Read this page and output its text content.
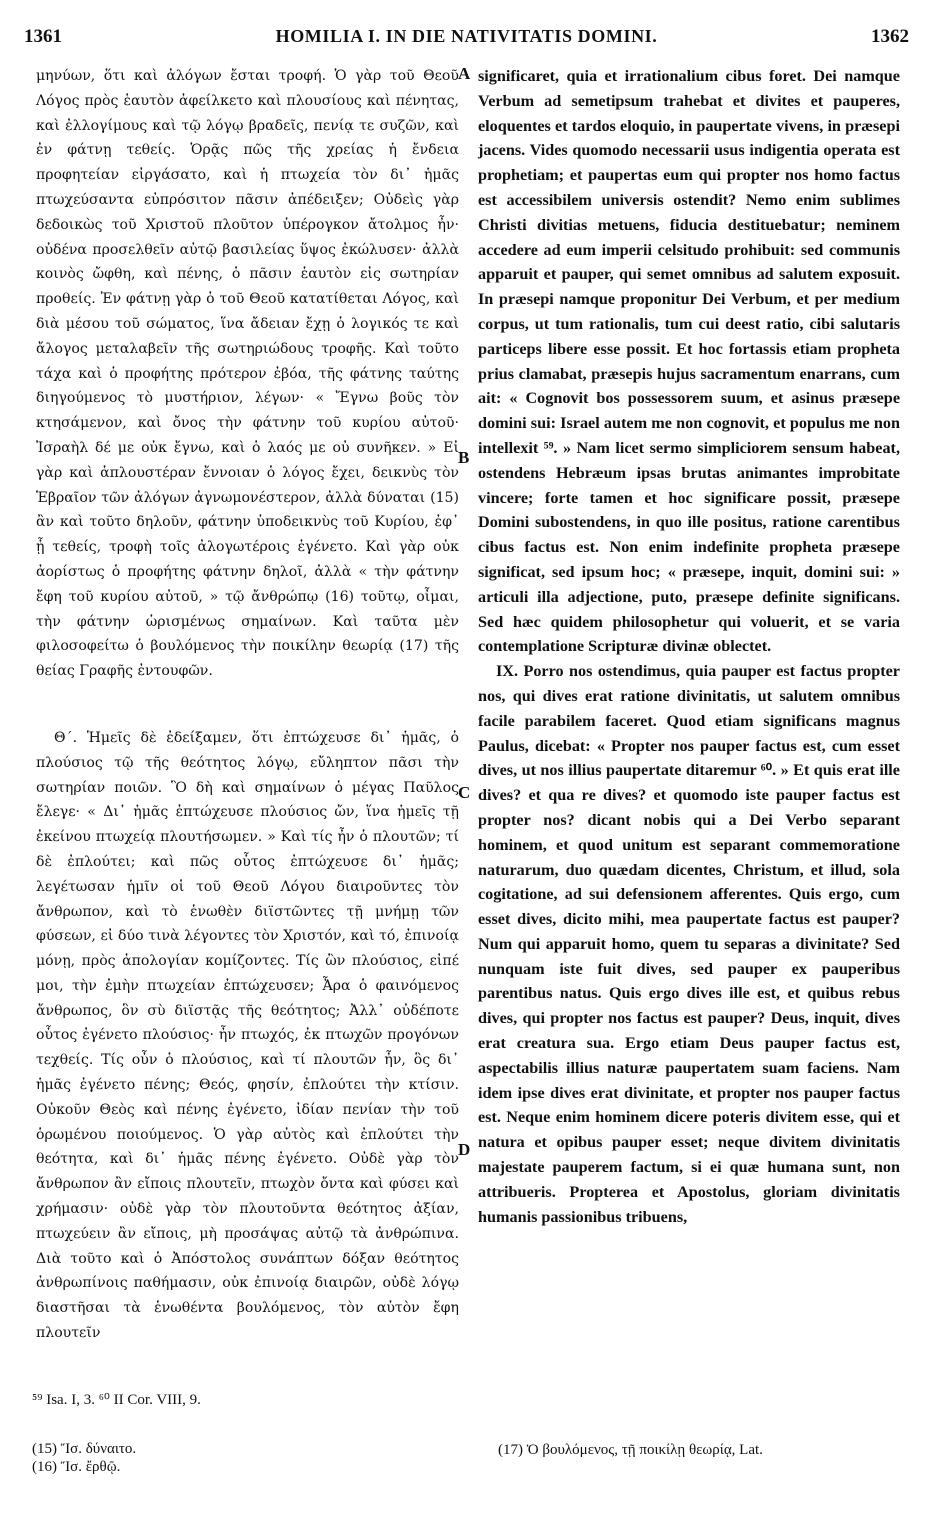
1361	HOMILIA I. IN DIE NATIVITATIS DOMINI.	1362

μηνύων, ὅτι καὶ ἀλόγων ἔσται τροφή. Ὁ γὰρ τοῦ Θεοῦ Λόγος πρὸς ἑαυτὸν ἀφείλκετο καὶ πλουσίους καὶ πένητας, καὶ ἐλλογίμους καὶ τῷ λόγῳ βραδεῖς, πενίᾳ τε συζῶν, καὶ ἐν φάτνῃ τεθείς. Ὁρᾷς πῶς τῆς χρείας ἡ ἔνδεια προφητείαν εἰργάσατο, καὶ ἡ πτωχεία τὸν δι᾽ ἡμᾶς πτωχεύσαντα εὐπρόσιτον πᾶσιν ἀπέδειξεν; Οὐδεὶς γὰρ δεδοικὼς τοῦ Χριστοῦ πλοῦτον ὑπέρογκον ἄτολμος ἦν· οὐδένα προσελθεῖν αὐτῷ βασιλείας ὕψος ἐκώλυσεν· ἀλλὰ κοινὸς ὤφθη, καὶ πένης, ὁ πᾶσιν ἑαυτὸν εἰς σωτηρίαν προθείς. Ἐν φάτνῃ γὰρ ὁ τοῦ Θεοῦ κατατίθεται Λόγος, καὶ διὰ μέσου τοῦ σώματος, ἵνα ἄδειαν ἔχῃ ὁ λογικός τε καὶ ἄλογος μεταλαβεῖν τῆς σωτηριώδους τροφῆς. Καὶ τοῦτο τάχα καὶ ὁ προφήτης πρότερον ἐβόα, τῆς φάτνης ταύτης διηγούμενος τὸ μυστήριον, λέγων· « Ἔγνω βοῦς τὸν κτησάμενον, καὶ ὄνος τὴν φάτνην τοῦ κυρίου αὐτοῦ· Ἰσραὴλ δέ με οὐκ ἔγνω, καὶ ὁ λαός με οὐ συνῆκεν. » Εἰ γὰρ καὶ ἁπλουστέραν ἔννοιαν ὁ λόγος ἔχει, δεικνὺς τὸν Ἑβραῖον τῶν ἀλόγων ἀγνωμονέστερον, ἀλλὰ δύναται (15) ἂν καὶ τοῦτο δηλοῦν, φάτνην ὑποδεικνὺς τοῦ Κυρίου, ἐφ᾽ ᾗ τεθείς, τροφὴ τοῖς ἀλογωτέροις ἐγένετο. Καὶ γὰρ οὐκ ἀορίστως ὁ προφήτης φάτνην δηλοῖ, ἀλλὰ « τὴν φάτνην ἔφη τοῦ κυρίου αὐτοῦ, » τῷ ἄνθρώπῳ (16) τοῦτῳ, οἶμαι, τὴν φάτνην ὡρισμένως σημαίνων. Καὶ ταῦτα μὲν φιλοσοφείτω ὁ βουλόμενος τὴν ποικίλην θεωρίᾳ (17) τῆς θείας Γραφῆς ἐντουφῶν.

Θ΄. Ἡμεῖς δὲ ἐδείξαμεν, ὅτι ἐπτώχευσε δι᾽ ἡμᾶς, ὁ πλούσιος τῷ τῆς θεότητος λόγῳ, εὔληπτον πᾶσι τὴν σωτηρίαν ποιῶν. Ὃ δὴ καὶ σημαίνων ὁ μέγας Παῦλος ἔλεγε· « Δι᾽ ἡμᾶς ἐπτώχευσε πλούσιος ὤν, ἵνα ἡμεῖς τῇ ἐκείνου πτωχείᾳ πλουτήσωμεν. » Καὶ τίς ἦν ὁ πλουτῶν; τί δὲ ἐπλούτει; καὶ πῶς οὗτος ἐπτώχευσε δι᾽ ἡμᾶς; λεγέτωσαν ἡμῖν οἱ τοῦ Θεοῦ Λόγου διαιροῦντες τὸν ἄνθρωπον, καὶ τὸ ἑνωθὲν διϊστῶντες τῇ μνήμῃ τῶν φύσεων, εἰ δύο τινὰ λέγοντες τὸν Χριστόν, καὶ τό, ἐπινοίᾳ μόνῃ, πρὸς ἀπολογίαν κομίζοντες. Τίς ὢν πλούσιος, εἰπέ μοι, τὴν ἐμὴν πτωχείαν ἐπτώχευσεν; Ἆρα ὁ φαινόμενος ἄνθρωπος, ὃν σὺ διϊστᾷς τῆς θεότητος; Ἀλλ᾽ οὐδέποτε οὗτος ἐγένετο πλούσιος· ἦν πτωχός, ἐκ πτωχῶν προγόνων τεχθείς. Τίς οὖν ὁ πλούσιος, καὶ τί πλουτῶν ἦν, ὃς δι᾽ ἡμᾶς ἐγένετο πένης; Θεός, φησίν, ἐπλούτει τὴν κτίσιν. Οὐκοῦν Θεὸς καὶ πένης ἐγένετο, ἰδίαν πενίαν τὴν τοῦ ὁρωμένου ποιούμενος. Ὁ γὰρ αὐτὸς καὶ ἐπλούτει τὴν θεότητα, καὶ δι᾽ ἡμᾶς πένης ἐγένετο. Οὐδὲ γὰρ τὸν ἄνθρωπον ἂν εἴποις πλουτεῖν, πτωχὸν ὄντα καὶ φύσει καὶ χρήμασιν· οὐδὲ γὰρ τὸν πλουτοῦντα θεότητος ἀξίαν, πτωχεύειν ἂν εἴποις, μὴ προσάψας αὐτῷ τὰ ἀνθρώπινα. Διὰ τοῦτο καὶ ὁ Ἀπόστολος συνάπτων δόξαν θεότητος ἀνθρωπίνοις παθήμασιν, οὐκ ἐπινοίᾳ διαιρῶν, οὐδὲ λόγῳ διαστῆσαι τὰ ἑνωθέντα βουλόμενος, τὸν αὐτὸν ἔφη πλουτεῖν

A
B
C
D

significaret, quia et irrationalium cibus foret. Dei namque Verbum ad semetipsum trahebat et divites et pauperes, eloquentes et tardos eloquio, in paupertate vivens, in præsepi jacens. Vides quomodo necessarii usus indigentia operata est prophetiam; et paupertas eum qui propter nos homo factus est accessibilem universis ostendit? Nemo enim sublimes Christi divitias metuens, fiducia destituebatur; neminem accedere ad eum imperii celsitudo prohibuit: sed communis apparuit et pauper, qui semet omnibus ad salutem exposuit. In præsepi namque proponitur Dei Verbum, et per medium corpus, ut tum rationalis, tum cui deest ratio, cibi salutaris particeps libere esse possit. Et hoc fortassis etiam propheta prius clamabat, præsepis hujus sacramentum enarrans, cum ait: « Cognovit bos possessorem suum, et asinus præsepe domini sui: Israel autem me non cognovit, et populus me non intellexit ⁵⁹. » Nam licet sermo simpliciorem sensum habeat, ostendens Hebræum ipsas brutas animantes improbitate vincere; forte tamen et hoc significare possit, præsepe Domini subostendens, in quo ille positus, ratione carentibus cibus factus est. Non enim indefinite propheta præsepe significat, sed ipsum hoc; « præsepe, inquit, domini sui: » articuli illa adjectione, puto, præsepe definite significans. Sed hæc quidem philosophetur qui voluerit, et se varia contemplatione Scripturæ divinæ oblectet.

IX. Porro nos ostendimus, quia pauper est factus propter nos, qui dives erat ratione divinitatis, ut salutem omnibus facile parabilem faceret. Quod etiam significans magnus Paulus, dicebat: « Propter nos pauper factus est, cum esset dives, ut nos illius paupertate ditaremur ⁶⁰. » Et quis erat ille dives? et qua re dives? et quomodo iste pauper factus est propter nos? dicant nobis qui a Dei Verbo separant hominem, et quod unitum est separant commemoratione naturarum, duo quædam dicentes, Christum, et illud, sola cogitatione, ad sui defensionem afferentes. Quis ergo, cum esset dives, dicito mihi, mea paupertate factus est pauper? Num qui apparuit homo, quem tu separas a divinitate? Sed nunquam iste fuit dives, sed pauper ex pauperibus parentibus natus. Quis ergo dives ille est, et quibus rebus dives, qui propter nos factus est pauper? Deus, inquit, dives erat creatura sua. Ergo etiam Deus pauper factus est, aspectabilis illius naturæ paupertatem suam faciens. Nam idem ipse dives erat divinitate, et propter nos pauper factus est. Neque enim hominem dicere poteris divitem esse, qui et natura et opibus pauper esset; neque divitem divinitatis majestate pauperem factum, si ei quæ humana sunt, non attribueris. Propterea et Apostolus, gloriam divinitatis humanis passionibus tribuens,

⁵⁹ Isa. I, 3. ⁶⁰ II Cor. VIII, 9.
(15) Ἴσ. δύναιτο.
(16) Ἴσ. ἔρθῷ.
(17) Ὁ βουλόμενος, τῇ ποικίλῃ θεωρίᾳ, Lat.
